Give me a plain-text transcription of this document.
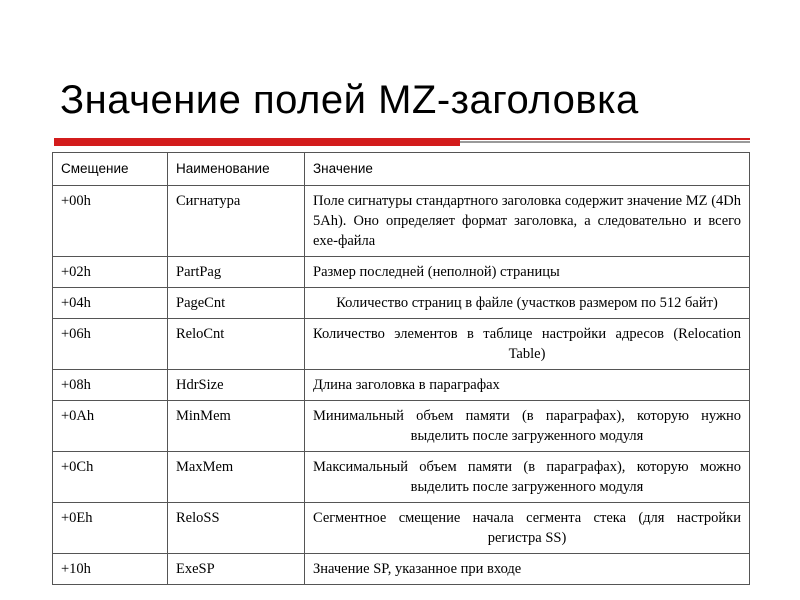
Значение полей MZ-заголовка
Смещение	Наименование	Значение
+00h	Сигнатура	Поле сигнатуры стандартного заголовка содержит значение MZ (4Dh 5Ah). Оно определяет формат заголовка, а следовательно и всего exe-файла
+02h	PartPag	Размер последней (неполной) страницы
+04h	PageCnt	Количество страниц в файле (участков размером по 512 байт)
+06h	ReloCnt	Количество элементов в таблице настройки адресов (Relocation Table)
+08h	HdrSize	Длина заголовка в параграфах
+0Ah	MinMem	Минимальный объем памяти (в параграфах), которую нужно выделить после загруженного модуля
+0Ch	MaxMem	Максимальный объем памяти (в параграфах), которую можно выделить после загруженного модуля
+0Eh	ReloSS	Сегментное смещение начала сегмента стека (для настройки регистра SS)
+10h	ExeSP	Значение SP, указанное при входе
